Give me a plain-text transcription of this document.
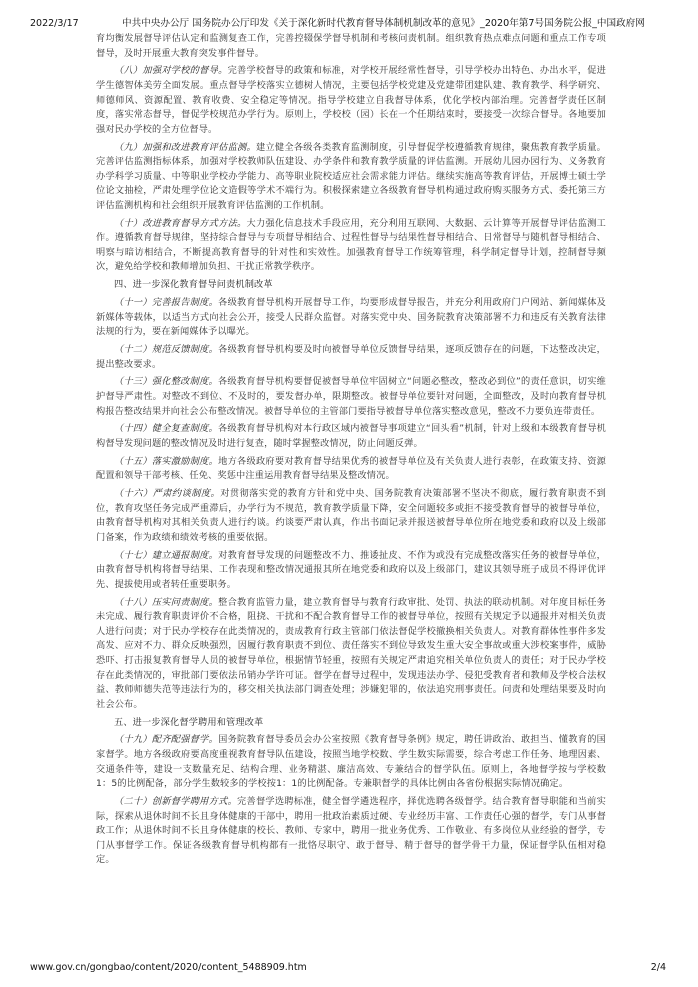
2022/3/17	中共中央办公厅 国务院办公厅印发《关于深化新时代教育督导体制机制改革的意见》_2020年第7号国务院公报_中国政府网

育均衡发展督导评估认定和监测复查工作，完善控辍保学督导机制和考核问责机制。组织教育热点难点问题和重点工作专项督导，及时开展重大教育突发事件督导。

（八）加强对学校的督导。完善学校督导的政策和标准，对学校开展经常性督导，引导学校办出特色、办出水平，促进学生德智体美劳全面发展。重点督导学校落实立德树人情况，主要包括学校党建及党建带团建队建、教育教学、科学研究、师德师风、资源配置、教育收费、安全稳定等情况。指导学校建立自我督导体系，优化学校内部治理。完善督学责任区制度，落实常态督导，督促学校规范办学行为。原则上，学校校（园）长在一个任期结束时，要接受一次综合督导。各地要加强对民办学校的全方位督导。

（九）加强和改进教育评估监测。建立健全各级各类教育监测制度，引导督促学校遵循教育规律，聚焦教育教学质量。完善评估监测指标体系，加强对学校教师队伍建设、办学条件和教育教学质量的评估监测。开展幼儿园办园行为、义务教育办学科学习质量、中等职业学校办学能力、高等职业院校适应社会需求能力评估。继续实施高等教育评估，开展博士硕士学位论文抽检，严肃处理学位论文造假等学术不端行为。积极探索建立各级教育督导机构通过政府购买服务方式、委托第三方评估监测机构和社会组织开展教育评估监测的工作机制。

（十）改进教育督导方式方法。大力强化信息技术手段应用，充分利用互联网、大数据、云计算等开展督导评估监测工作。遵循教育督导规律，坚持综合督导与专项督导相结合、过程性督导与结果性督导相结合、日常督导与随机督导相结合、明察与暗访相结合，不断提高教育督导的针对性和实效性。加强教育督导工作统筹管理，科学制定督导计划，控制督导频次，避免给学校和教师增加负担、干扰正常教学秩序。

四、进一步深化教育督导问责机制改革

（十一）完善报告制度。各级教育督导机构开展督导工作，均要形成督导报告，并充分利用政府门户网站、新闻媒体及新媒体等载体，以适当方式向社会公开，接受人民群众监督。对落实党中央、国务院教育决策部署不力和违反有关教育法律法规的行为，要在新闻媒体予以曝光。

（十二）规范反馈制度。各级教育督导机构要及时向被督导单位反馈督导结果，逐项反馈存在的问题，下达整改决定，提出整改要求。

（十三）强化整改制度。各级教育督导机构要督促被督导单位牢固树立“问题必整改，整改必到位”的责任意识，切实维护督导严肃性。对整改不到位、不及时的，要发督办单，限期整改。被督导单位要针对问题，全面整改，及时向教育督导机构报告整改结果并向社会公布整改情况。被督导单位的主管部门要指导被督导单位落实整改意见，整改不力要负连带责任。

（十四）健全复查制度。各级教育督导机构对本行政区域内被督导事项建立“回头看”机制，针对上级和本级教育督导机构督导发现问题的整改情况及时进行复查，随时掌握整改情况，防止问题反弹。

（十五）落实激励制度。地方各级政府要对教育督导结果优秀的被督导单位及有关负责人进行表彰，在政策支持、资源配置和领导干部考核、任免、奖惩中注重运用教育督导结果及整改情况。

（十六）严肃约谈制度。对贯彻落实党的教育方针和党中央、国务院教育决策部署不坚决不彻底，履行教育职责不到位，教育攻坚任务完成严重滞后，办学行为不规范，教育教学质量下降，安全问题较多或拒不接受教育督导的被督导单位，由教育督导机构对其相关负责人进行约谈。约谈要严肃认真，作出书面记录并报送被督导单位所在地党委和政府以及上级部门备案，作为政绩和绩效考核的重要依据。

（十七）建立通报制度。对教育督导发现的问题整改不力、推诿扯皮、不作为或没有完成整改落实任务的被督导单位，由教育督导机构将督导结果、工作表现和整改情况通报其所在地党委和政府以及上级部门，建议其领导班子成员不得评优评先、提拔使用或者转任重要职务。

（十八）压实问责制度。整合教育监管力量，建立教育督导与教育行政审批、处罚、执法的联动机制。对年度目标任务未完成、履行教育职责评价不合格，阻挠、干扰和不配合教育督导工作的被督导单位，按照有关规定予以通报并对相关负责人进行问责；对于民办学校存在此类情况的，责成教育行政主管部门依法督促学校撤换相关负责人。对教育群体性事件多发高发、应对不力、群众反映强烈，因履行教育职责不到位、责任落实不到位导致发生重大安全事故或重大涉校案事件，威胁恐吓、打击报复教育督导人员的被督导单位，根据情节轻重，按照有关规定严肃追究相关单位负责人的责任；对于民办学校存在此类情况的，审批部门要依法吊销办学许可证。督学在督导过程中，发现违法办学、侵犯受教育者和教师及学校合法权益、教师师德失范等违法行为的，移交相关执法部门调查处理；涉嫌犯罪的，依法追究刑事责任。问责和处理结果要及时向社会公布。

五、进一步深化督学聘用和管理改革

（十九）配齐配强督学。国务院教育督导委员会办公室按照《教育督导条例》规定，聘任讲政治、敢担当、懂教育的国家督学。地方各级政府要高度重视教育督导队伍建设，按照当地学校数、学生数实际需要，综合考虑工作任务、地理因素、交通条件等，建设一支数量充足、结构合理、业务精湛、廉洁高效、专兼结合的督学队伍。原则上，各地督学按与学校数1：5的比例配备，部分学生数较多的学校按1：1的比例配备。专兼职督学的具体比例由各省份根据实际情况确定。

（二十）创新督学聘用方式。完善督学选聘标准，健全督学遴选程序，择优选聘各级督学。结合教育督导职能和当前实际，探索从退休时间不长且身体健康的干部中，聘用一批政治素质过硬、专业经历丰富、工作责任心强的督学，专门从事督政工作；从退休时间不长且身体健康的校长、教师、专家中，聘用一批业务优秀、工作敬业、有多岗位从业经验的督学，专门从事督学工作。保证各级教育督导机构都有一批恪尽职守、敢于督导、精于督导的督学骨干力量，保证督学队伍相对稳定。

www.gov.cn/gongbao/content/2020/content_5488909.htm	2/4
